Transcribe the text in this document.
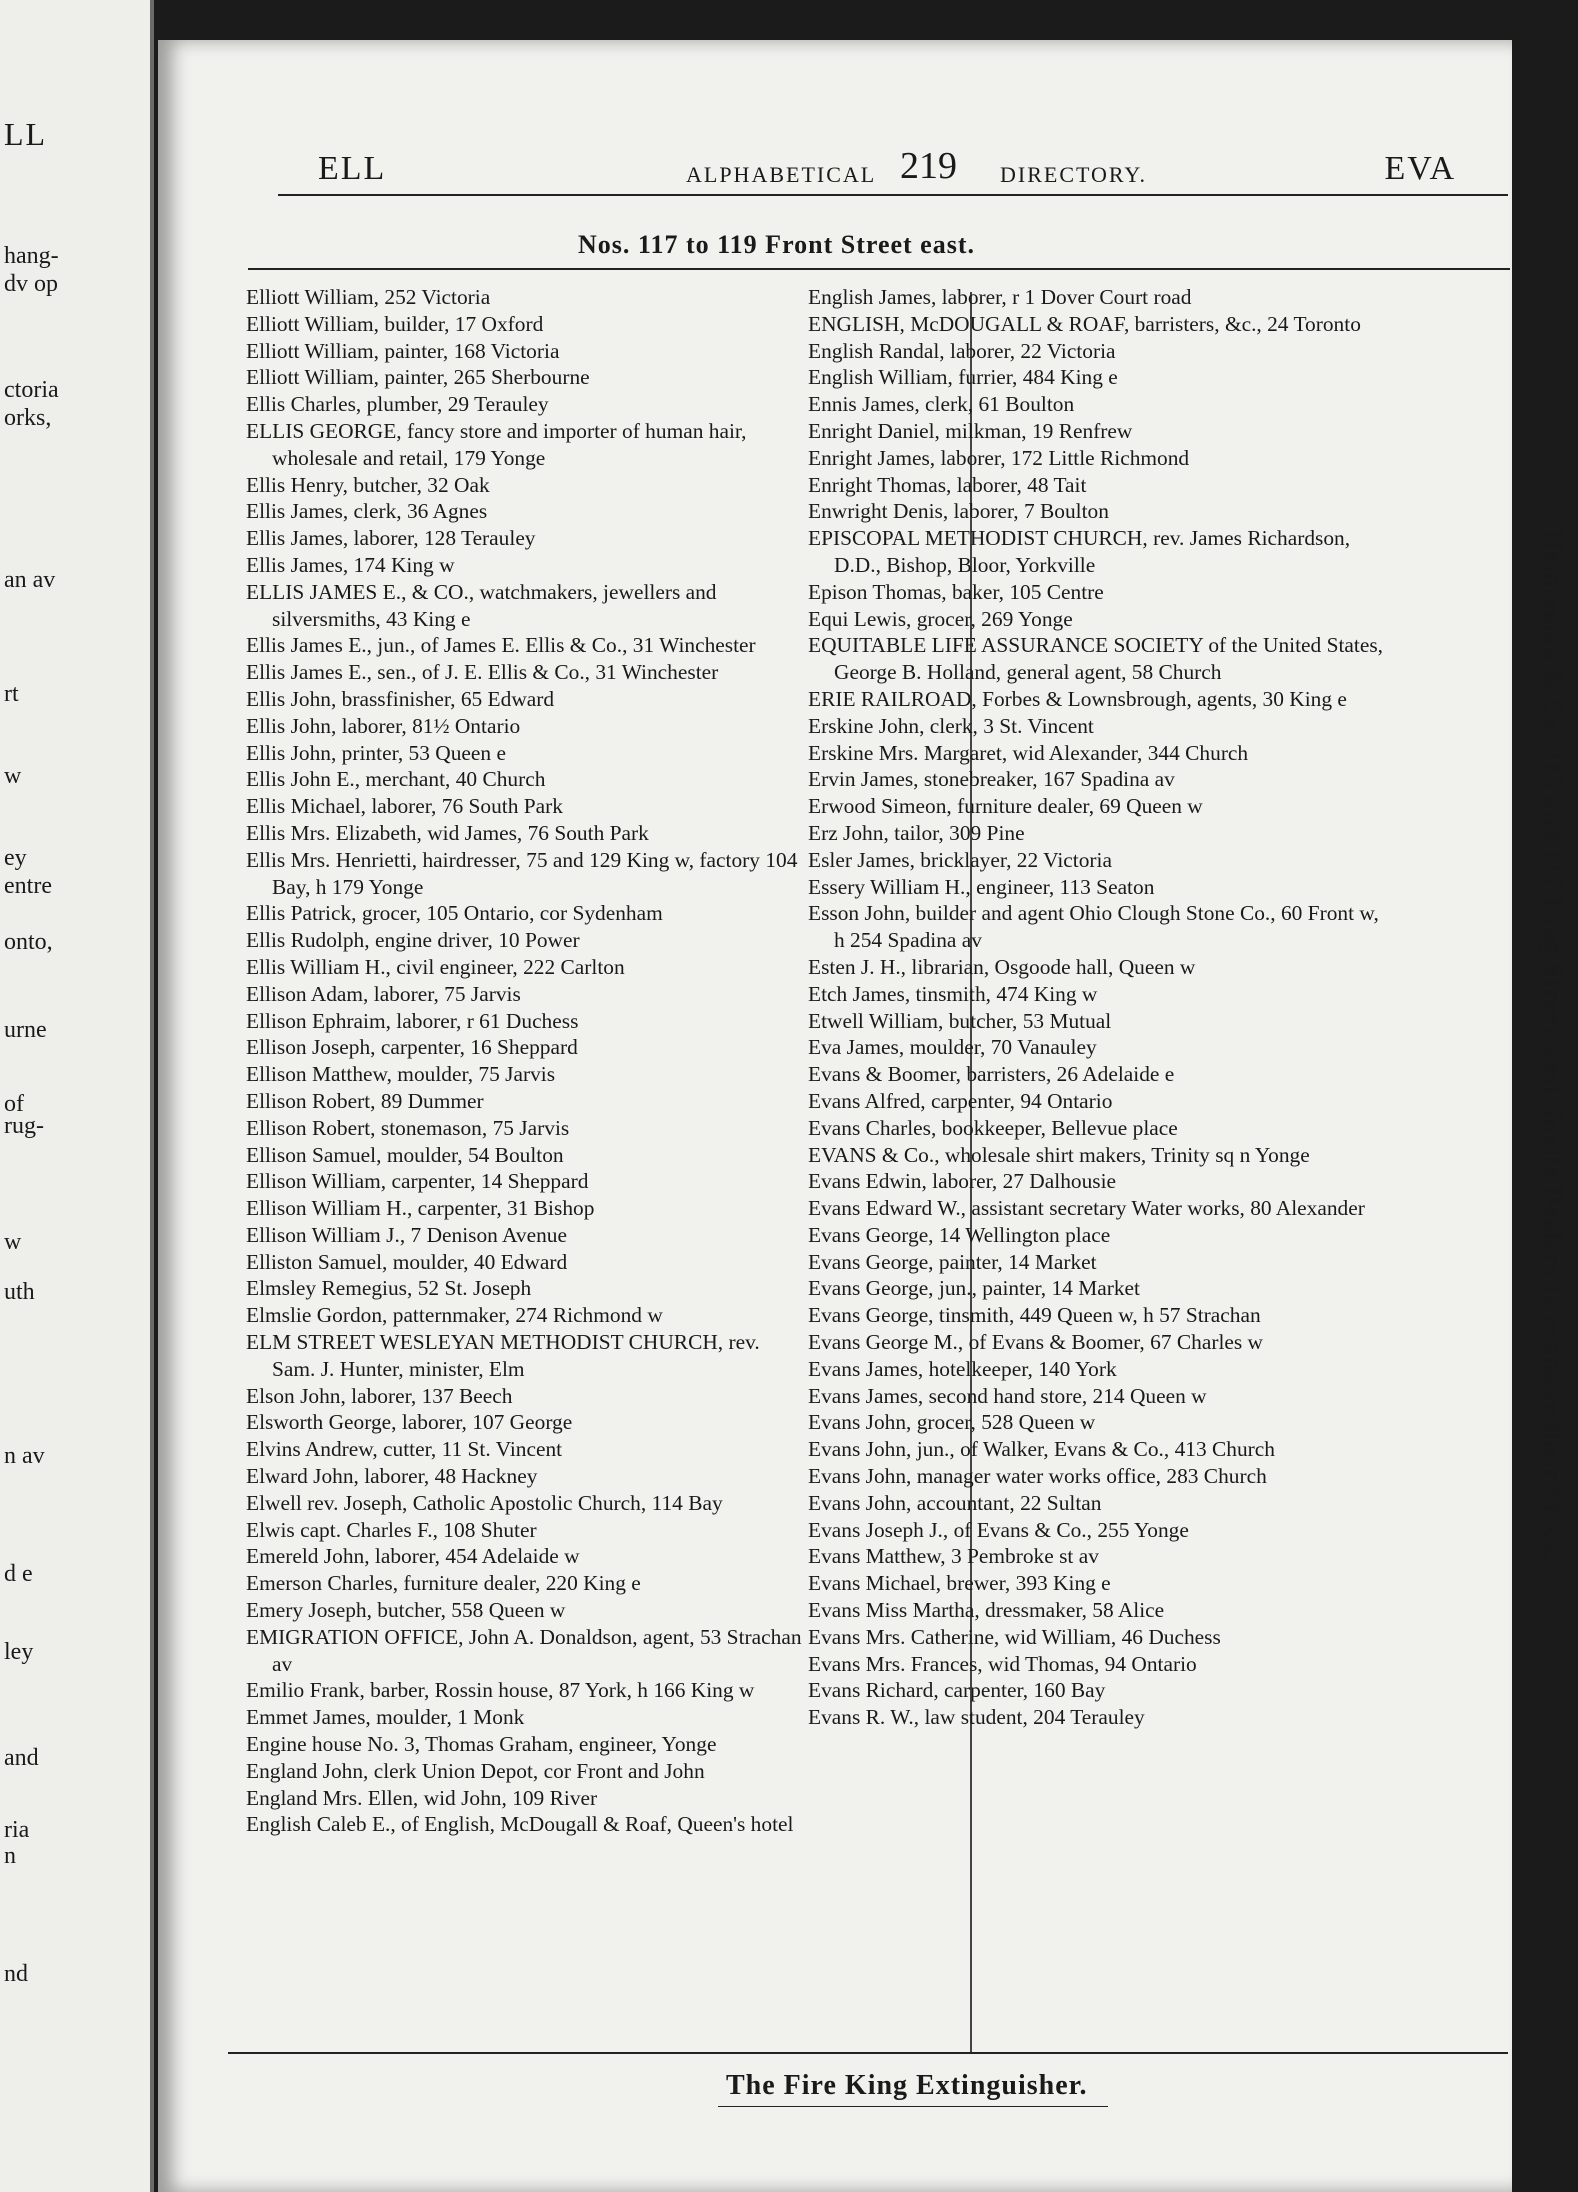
LL
hang-
dv op
ctoria
orks,
an av
rt
w
ey
entre
onto,
urne
of
rug-
w
uth
n av
d e
ley
and
ria
n
nd
ELL	ALPHABETICAL 219 DIRECTORY.	EVA
Nos. 117 to 119 Front Street east.
Elliott William, 252 Victoria
Elliott William, builder, 17 Oxford
Elliott William, painter, 168 Victoria
Elliott William, painter, 265 Sherbourne
Ellis Charles, plumber, 29 Terauley
ELLIS GEORGE, fancy store and importer of human hair, wholesale and retail, 179 Yonge
Ellis Henry, butcher, 32 Oak
Ellis James, clerk, 36 Agnes
Ellis James, laborer, 128 Terauley
Ellis James, 174 King w
ELLIS JAMES E., & CO., watchmakers, jewellers and silversmiths, 43 King e
Ellis James E., jun., of James E. Ellis & Co., 31 Winchester
Ellis James E., sen., of J. E. Ellis & Co., 31 Winchester
Ellis John, brassfinisher, 65 Edward
Ellis John, laborer, 81½ Ontario
Ellis John, printer, 53 Queen e
Ellis John E., merchant, 40 Church
Ellis Michael, laborer, 76 South Park
Ellis Mrs. Elizabeth, wid James, 76 South Park
Ellis Mrs. Henrietti, hairdresser, 75 and 129 King w, factory 104 Bay, h 179 Yonge
Ellis Patrick, grocer, 105 Ontario, cor Sydenham
Ellis Rudolph, engine driver, 10 Power
Ellis William H., civil engineer, 222 Carlton
Ellison Adam, laborer, 75 Jarvis
Ellison Ephraim, laborer, r 61 Duchess
Ellison Joseph, carpenter, 16 Sheppard
Ellison Matthew, moulder, 75 Jarvis
Ellison Robert, 89 Dummer
Ellison Robert, stonemason, 75 Jarvis
Ellison Samuel, moulder, 54 Boulton
Ellison William, carpenter, 14 Sheppard
Ellison William H., carpenter, 31 Bishop
Ellison William J., 7 Denison Avenue
Elliston Samuel, moulder, 40 Edward
Elmsley Remegius, 52 St. Joseph
Elmslie Gordon, patternmaker, 274 Richmond w
ELM STREET WESLEYAN METHODIST CHURCH, rev. Sam. J. Hunter, minister, Elm
Elson John, laborer, 137 Beech
Elsworth George, laborer, 107 George
Elvins Andrew, cutter, 11 St. Vincent
Elward John, laborer, 48 Hackney
Elwell rev. Joseph, Catholic Apostolic Church, 114 Bay
Elwis capt. Charles F., 108 Shuter
Emereld John, laborer, 454 Adelaide w
Emerson Charles, furniture dealer, 220 King e
Emery Joseph, butcher, 558 Queen w
EMIGRATION OFFICE, John A. Donaldson, agent, 53 Strachan av
Emilio Frank, barber, Rossin house, 87 York, h 166 King w
Emmet James, moulder, 1 Monk
Engine house No. 3, Thomas Graham, engineer, Yonge
England John, clerk Union Depot, cor Front and John
England Mrs. Ellen, wid John, 109 River
English Caleb E., of English, McDougall & Roaf, Queen's hotel
English James, laborer, r 1 Dover Court road
ENGLISH, McDOUGALL & ROAF, barristers, &c., 24 Toronto
English Randal, laborer, 22 Victoria
English William, furrier, 484 King e
Ennis James, clerk, 61 Boulton
Enright Daniel, milkman, 19 Renfrew
Enright James, laborer, 172 Little Richmond
Enright Thomas, laborer, 48 Tait
Enwright Denis, laborer, 7 Boulton
EPISCOPAL METHODIST CHURCH, rev. James Richardson, D.D., Bishop, Bloor, Yorkville
Epison Thomas, baker, 105 Centre
Equi Lewis, grocer, 269 Yonge
EQUITABLE LIFE ASSURANCE SOCIETY of the United States, George B. Holland, general agent, 58 Church
ERIE RAILROAD, Forbes & Lownsbrough, agents, 30 King e
Erskine John, clerk, 3 St. Vincent
Erskine Mrs. Margaret, wid Alexander, 344 Church
Ervin James, stonebreaker, 167 Spadina av
Erwood Simeon, furniture dealer, 69 Queen w
Erz John, tailor, 309 Pine
Esler James, bricklayer, 22 Victoria
Essery William H., engineer, 113 Seaton
Esson John, builder and agent Ohio Clough Stone Co., 60 Front w, h 254 Spadina av
Esten J. H., librarian, Osgoode hall, Queen w
Etch James, tinsmith, 474 King w
Etwell William, butcher, 53 Mutual
Eva James, moulder, 70 Vanauley
Evans & Boomer, barristers, 26 Adelaide e
Evans Alfred, carpenter, 94 Ontario
Evans Charles, bookkeeper, Bellevue place
EVANS & Co., wholesale shirt makers, Trinity sq n Yonge
Evans Edwin, laborer, 27 Dalhousie
Evans Edward W., assistant secretary Water works, 80 Alexander
Evans George, 14 Wellington place
Evans George, painter, 14 Market
Evans George, jun., painter, 14 Market
Evans George, tinsmith, 449 Queen w, h 57 Strachan
Evans George M., of Evans & Boomer, 67 Charles w
Evans James, hotelkeeper, 140 York
Evans James, second hand store, 214 Queen w
Evans John, grocer, 528 Queen w
Evans John, jun., of Walker, Evans & Co., 413 Church
Evans John, manager water works office, 283 Church
Evans John, accountant, 22 Sultan
Evans Joseph J., of Evans & Co., 255 Yonge
Evans Matthew, 3 Pembroke st av
Evans Michael, brewer, 393 King e
Evans Miss Martha, dressmaker, 58 Alice
Evans Mrs. Catherine, wid William, 46 Duchess
Evans Mrs. Frances, wid Thomas, 94 Ontario
Evans Richard, carpenter, 160 Bay
Evans R. W., law student, 204 Terauley
Heintzman & Co. 115 and 117 King Street west, invite Dealers to examine their Stock.
The Fire King Extinguisher.
